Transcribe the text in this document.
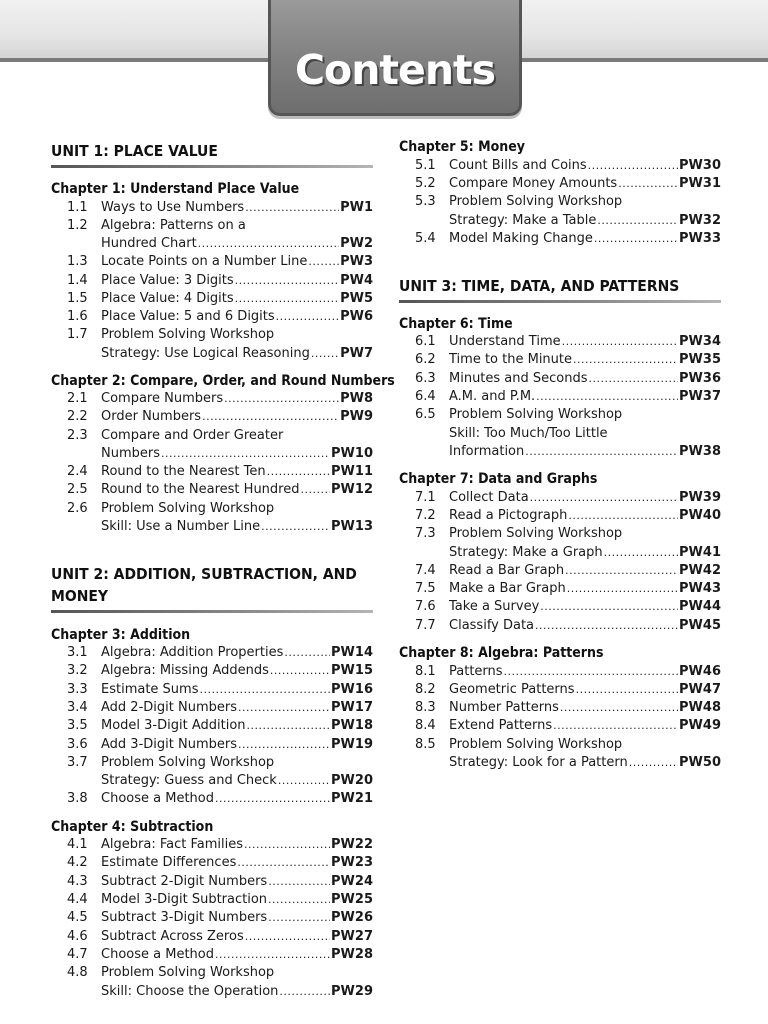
Contents
UNIT 1: PLACE VALUE
Chapter 1: Understand Place Value
1.1	Ways to Use Numbers .....	PW1
1.2	Algebra: Patterns on a
Hundred Chart .....	PW2
1.3	Locate Points on a Number Line .....	PW3
1.4	Place Value: 3 Digits .....	PW4
1.5	Place Value: 4 Digits .....	PW5
1.6	Place Value: 5 and 6 Digits .....	PW6
1.7	Problem Solving Workshop
Strategy: Use Logical Reasoning ..... PW7
Chapter 2: Compare, Order, and Round Numbers
2.1	Compare Numbers .....	PW8
2.2	Order Numbers .....	PW9
2.3	Compare and Order Greater
Numbers .....	PW10
2.4	Round to the Nearest Ten .....	PW11
2.5	Round to the Nearest Hundred ..... PW12
2.6	Problem Solving Workshop
Skill: Use a Number Line .....	PW13
UNIT 2: ADDITION, SUBTRACTION, AND MONEY
Chapter 3: Addition
3.1	Algebra: Addition Properties .....	PW14
3.2	Algebra: Missing Addends .....	PW15
3.3	Estimate Sums .....	PW16
3.4	Add 2-Digit Numbers .....	PW17
3.5	Model 3-Digit Addition .....	PW18
3.6	Add 3-Digit Numbers .....	PW19
3.7	Problem Solving Workshop
Strategy: Guess and Check .....	PW20
3.8	Choose a Method .....	PW21
Chapter 4: Subtraction
4.1	Algebra: Fact Families .....	PW22
4.2	Estimate Differences .....	PW23
4.3	Subtract 2-Digit Numbers .....	PW24
4.4	Model 3-Digit Subtraction .....	PW25
4.5	Subtract 3-Digit Numbers .....	PW26
4.6	Subtract Across Zeros .....	PW27
4.7	Choose a Method .....	PW28
4.8	Problem Solving Workshop
Skill: Choose the Operation .....	PW29
Chapter 5: Money
5.1	Count Bills and Coins .....	PW30
5.2	Compare Money Amounts .....	PW31
5.3	Problem Solving Workshop
Strategy: Make a Table .....	PW32
5.4	Model Making Change .....	PW33
UNIT 3: TIME, DATA, AND PATTERNS
Chapter 6: Time
6.1	Understand Time .....	PW34
6.2	Time to the Minute .....	PW35
6.3	Minutes and Seconds .....	PW36
6.4	A.M. and P.M. .....	PW37
6.5	Problem Solving Workshop
Skill: Too Much/Too Little
Information .....	PW38
Chapter 7: Data and Graphs
7.1	Collect Data .....	PW39
7.2	Read a Pictograph .....	PW40
7.3	Problem Solving Workshop
Strategy: Make a Graph .....	PW41
7.4	Read a Bar Graph .....	PW42
7.5	Make a Bar Graph .....	PW43
7.6	Take a Survey .....	PW44
7.7	Classify Data .....	PW45
Chapter 8: Algebra: Patterns
8.1	Patterns .....	PW46
8.2	Geometric Patterns .....	PW47
8.3	Number Patterns .....	PW48
8.4	Extend Patterns .....	PW49
8.5	Problem Solving Workshop
Strategy: Look for a Pattern .....	PW50
